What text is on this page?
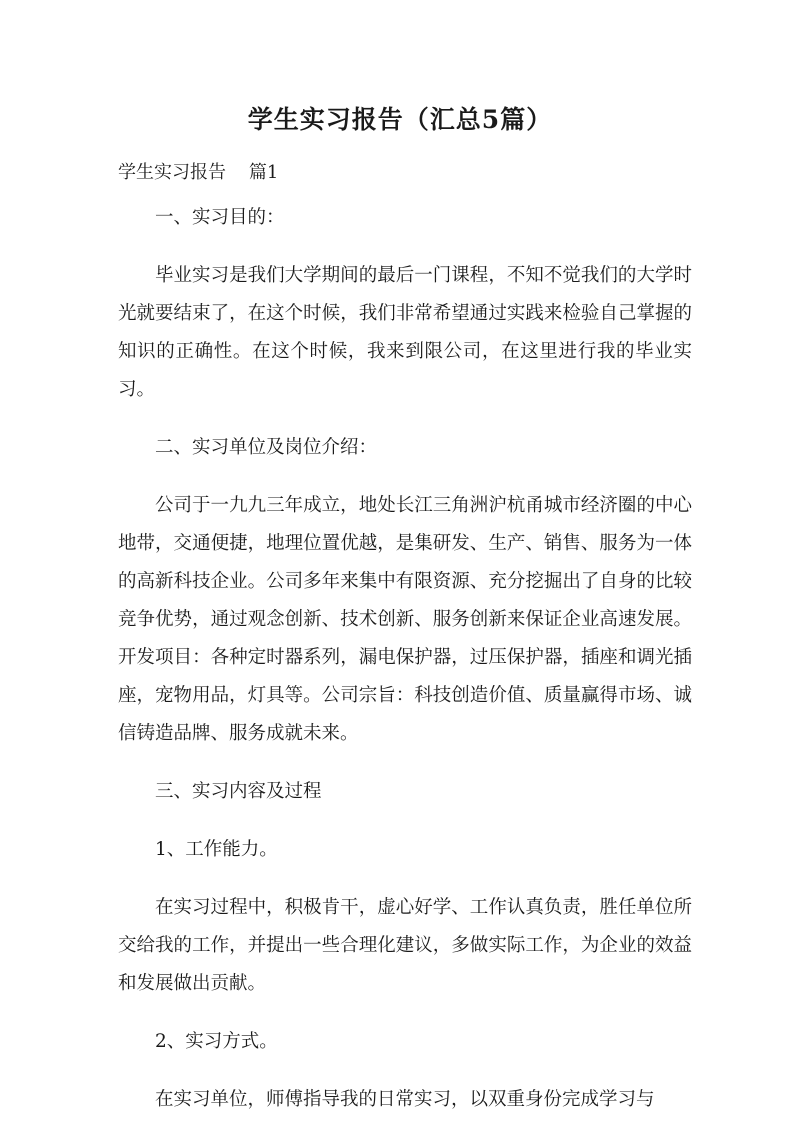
学生实习报告（汇总5篇）
学生实习报告    篇1

一、实习目的：

毕业实习是我们大学期间的最后一门课程，不知不觉我们的大学时光就要结束了，在这个时候，我们非常希望通过实践来检验自己掌握的知识的正确性。在这个时候，我来到限公司，在这里进行我的毕业实习。

二、实习单位及岗位介绍：

公司于一九九三年成立，地处长江三角洲沪杭甬城市经济圈的中心地带，交通便捷，地理位置优越，是集研发、生产、销售、服务为一体的高新科技企业。公司多年来集中有限资源、充分挖掘出了自身的比较竞争优势，通过观念创新、技术创新、服务创新来保证企业高速发展。开发项目：各种定时器系列，漏电保护器，过压保护器，插座和调光插座，宠物用品，灯具等。公司宗旨：科技创造价值、质量赢得市场、诚信铸造品牌、服务成就未来。

三、实习内容及过程

1、工作能力。

在实习过程中，积极肯干，虚心好学、工作认真负责，胜任单位所交给我的工作，并提出一些合理化建议，多做实际工作，为企业的效益和发展做出贡献。

2、实习方式。

在实习单位，师傅指导我的日常实习，以双重身份完成学习与
